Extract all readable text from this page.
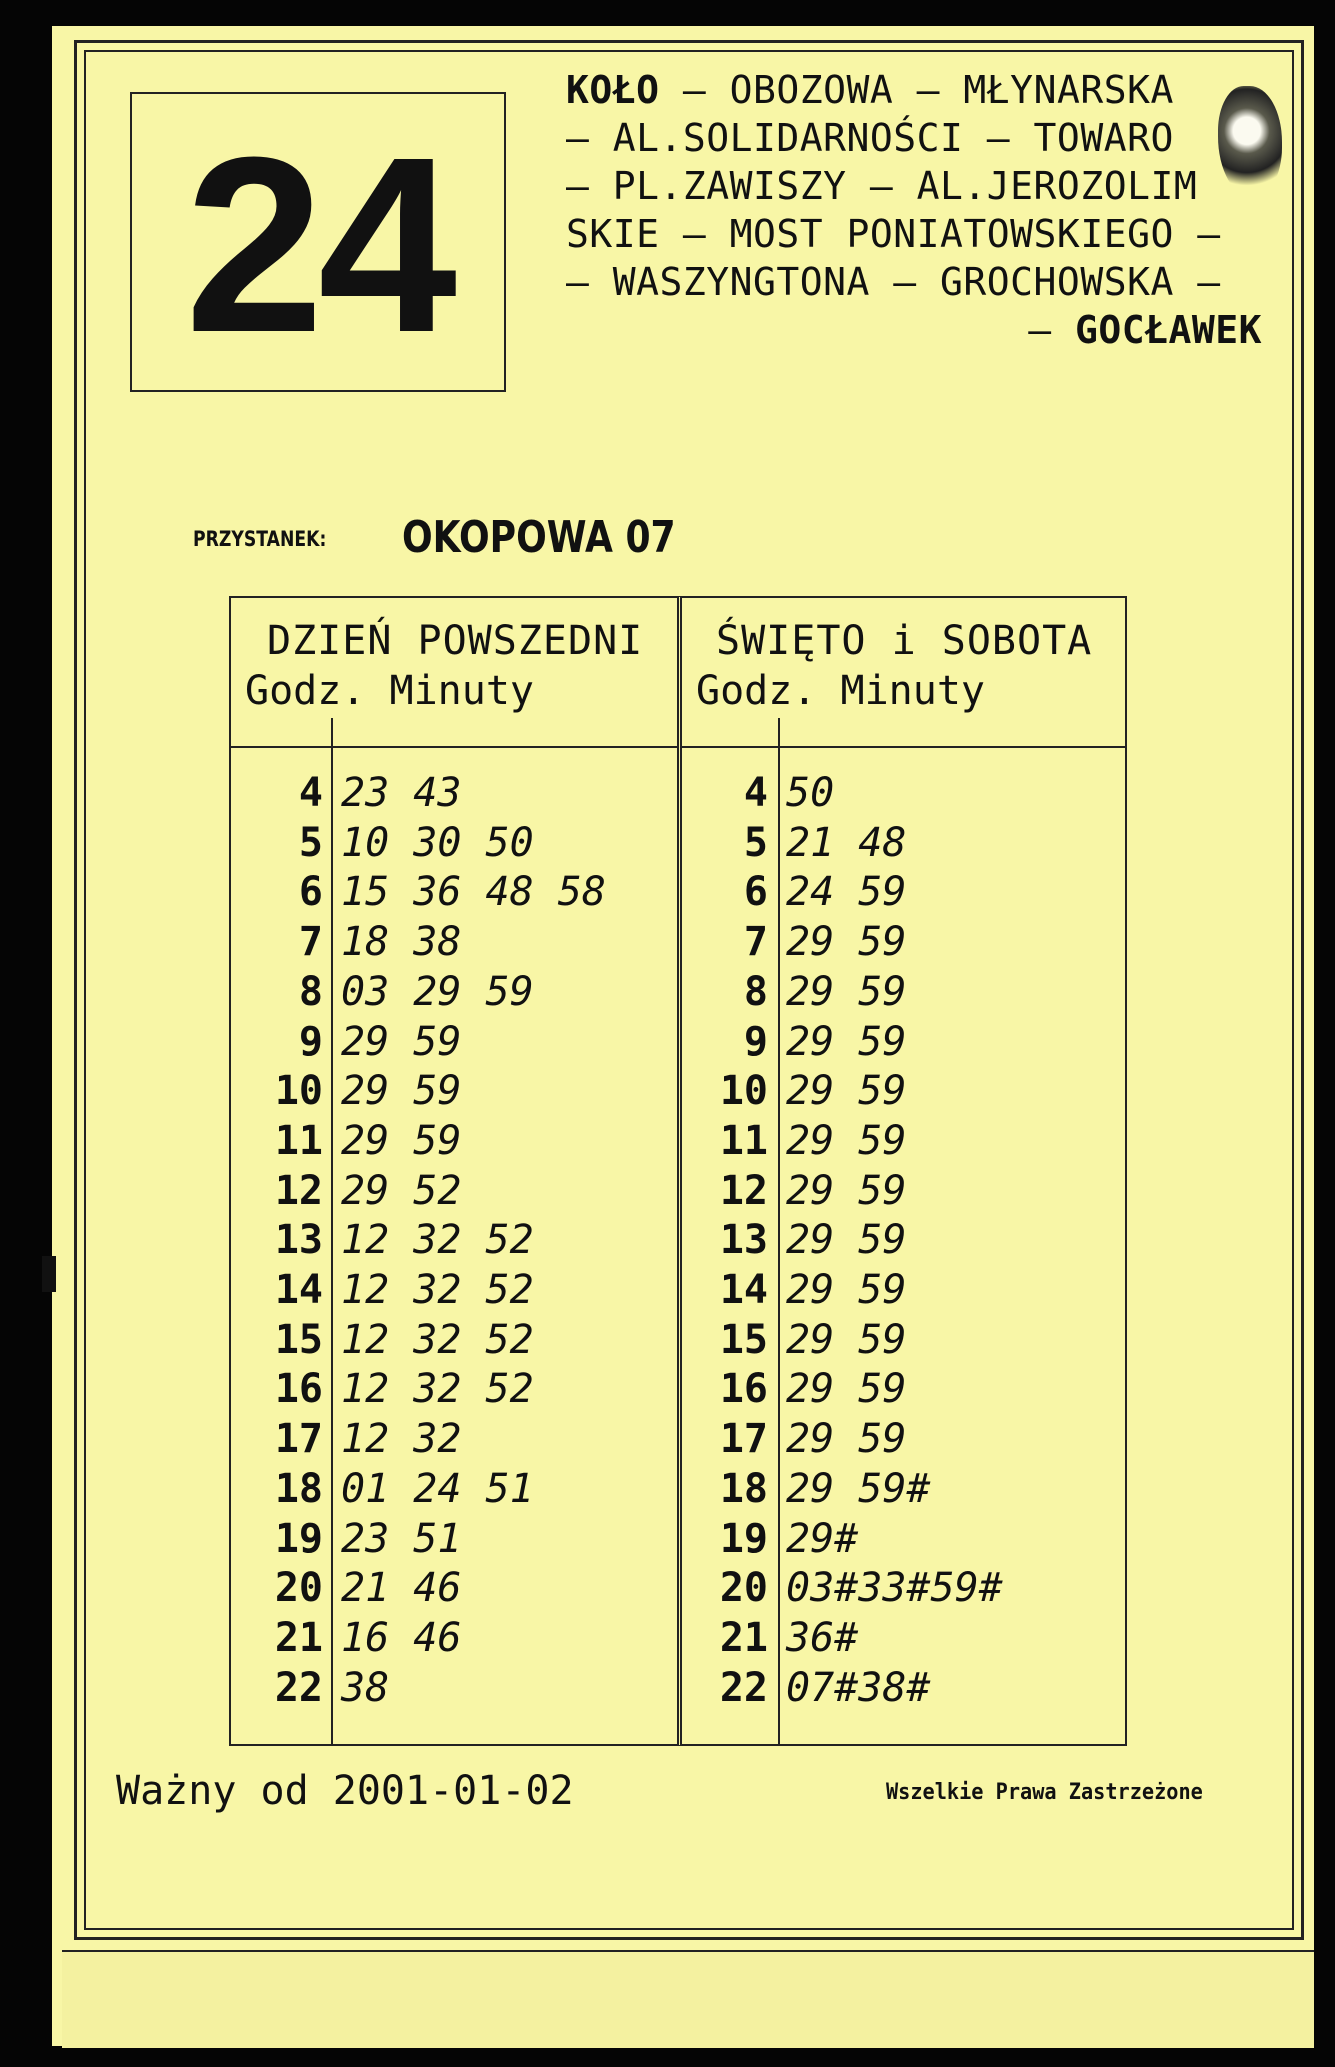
24
KOŁO – OBOZOWA – MŁYNARSKA
– AL.SOLIDARNOŚCI – TOWARO
– PL.ZAWISZY – AL.JEROZOLIM
SKIE – MOST PONIATOWSKIEGO –
– WASZYNGTONA – GROCHOWSKA –
– GOCŁAWEK
PRZYSTANEK: OKOPOWA 07
DZIEŃ POWSZEDNI
Godz. Minuty
4 23 43
5 10 30 50
6 15 36 48 58
7 18 38
8 03 29 59
9 29 59
10 29 59
11 29 59
12 29 52
13 12 32 52
14 12 32 52
15 12 32 52
16 12 32 52
17 12 32
18 01 24 51
19 23 51
20 21 46
21 16 46
22 38
ŚWIĘTO i SOBOTA
Godz. Minuty
4 50
5 21 48
6 24 59
7 29 59
8 29 59
9 29 59
10 29 59
11 29 59
12 29 59
13 29 59
14 29 59
15 29 59
16 29 59
17 29 59
18 29 59#
19 29#
20 03#33#59#
21 36#
22 07#38#
Ważny od 2001-01-02	Wszelkie Prawa Zastrzeżone
